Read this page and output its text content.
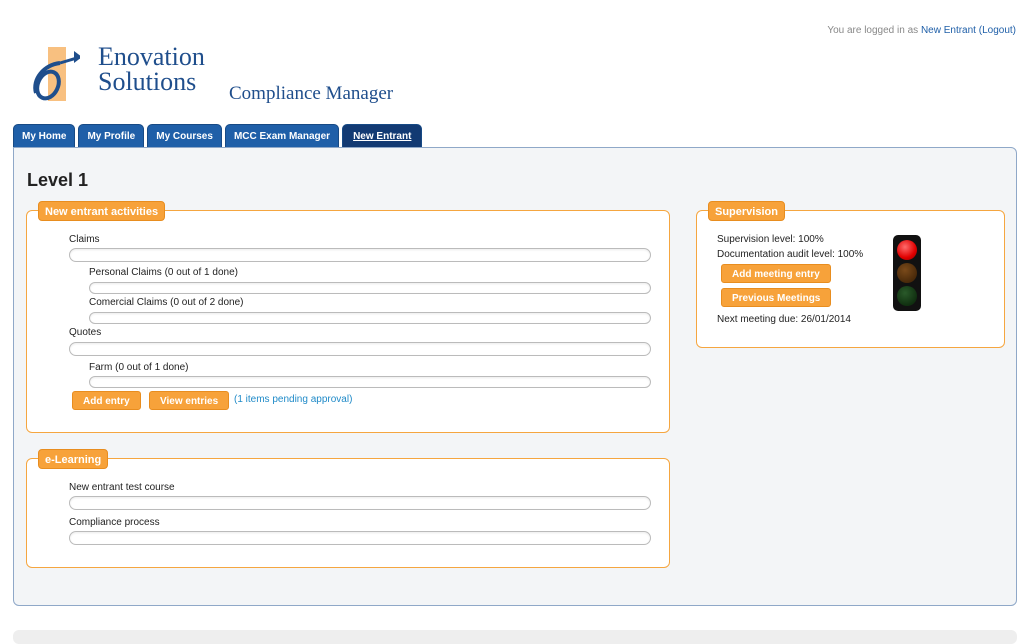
You are logged in as New Entrant (Logout)
Enovation
Solutions Compliance Manager
My Home	My Profile	My Courses	MCC Exam Manager	New Entrant
Level 1
New entrant activities
Claims
Personal Claims (0 out of 1 done)
Comercial Claims (0 out of 2 done)
Quotes
Farm (0 out of 1 done)
Add entry	View entries	(1 items pending approval)
e-Learning
New entrant test course
Compliance process
Supervision
Supervision level: 100%
Documentation audit level: 100%
Add meeting entry
Previous Meetings
Next meeting due: 26/01/2014
